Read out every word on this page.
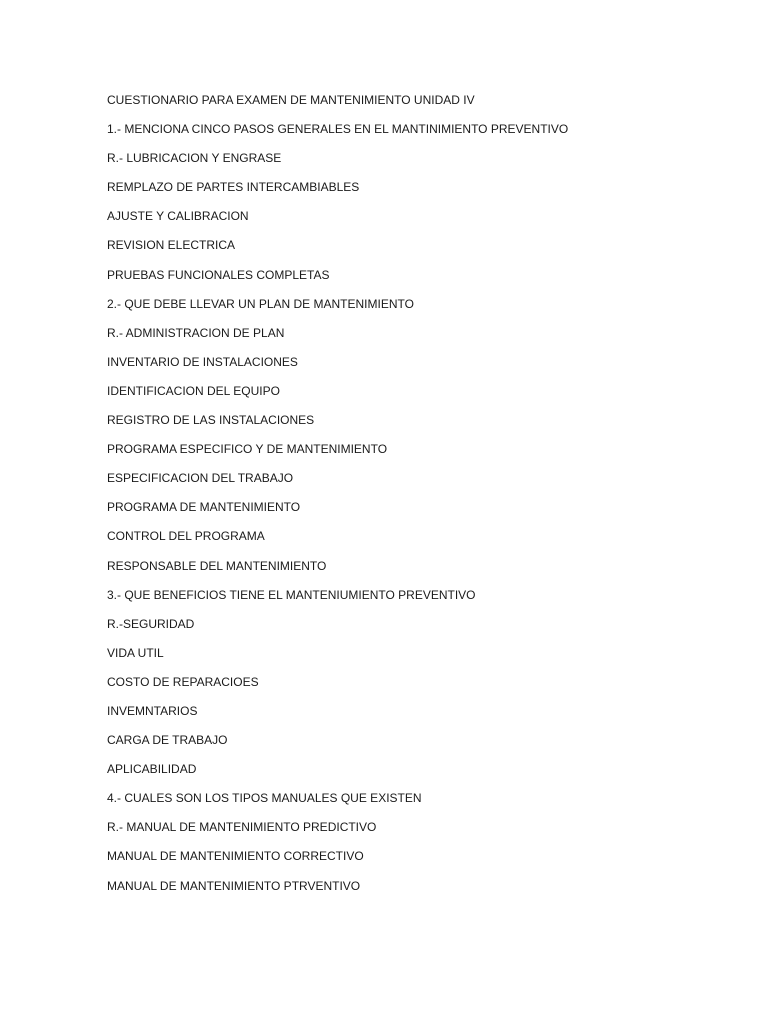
CUESTIONARIO PARA EXAMEN DE MANTENIMIENTO UNIDAD IV
1.- MENCIONA CINCO PASOS GENERALES EN EL MANTINIMIENTO PREVENTIVO
R.- LUBRICACION Y ENGRASE
REMPLAZO DE PARTES INTERCAMBIABLES
AJUSTE Y CALIBRACION
REVISION ELECTRICA
PRUEBAS FUNCIONALES COMPLETAS
2.- QUE DEBE LLEVAR UN PLAN DE MANTENIMIENTO
R.- ADMINISTRACION DE PLAN
INVENTARIO DE INSTALACIONES
IDENTIFICACION DEL EQUIPO
REGISTRO DE LAS INSTALACIONES
PROGRAMA ESPECIFICO Y DE MANTENIMIENTO
ESPECIFICACION DEL TRABAJO
PROGRAMA DE MANTENIMIENTO
CONTROL DEL PROGRAMA
RESPONSABLE DEL MANTENIMIENTO
3.- QUE BENEFICIOS TIENE EL MANTENIUMIENTO PREVENTIVO
R.-SEGURIDAD
VIDA UTIL
COSTO DE REPARACIOES
INVEMNTARIOS
CARGA DE TRABAJO
APLICABILIDAD
4.- CUALES SON LOS TIPOS MANUALES QUE EXISTEN
R.- MANUAL DE MANTENIMIENTO PREDICTIVO
MANUAL DE MANTENIMIENTO CORRECTIVO
MANUAL DE MANTENIMIENTO PTRVENTIVO
